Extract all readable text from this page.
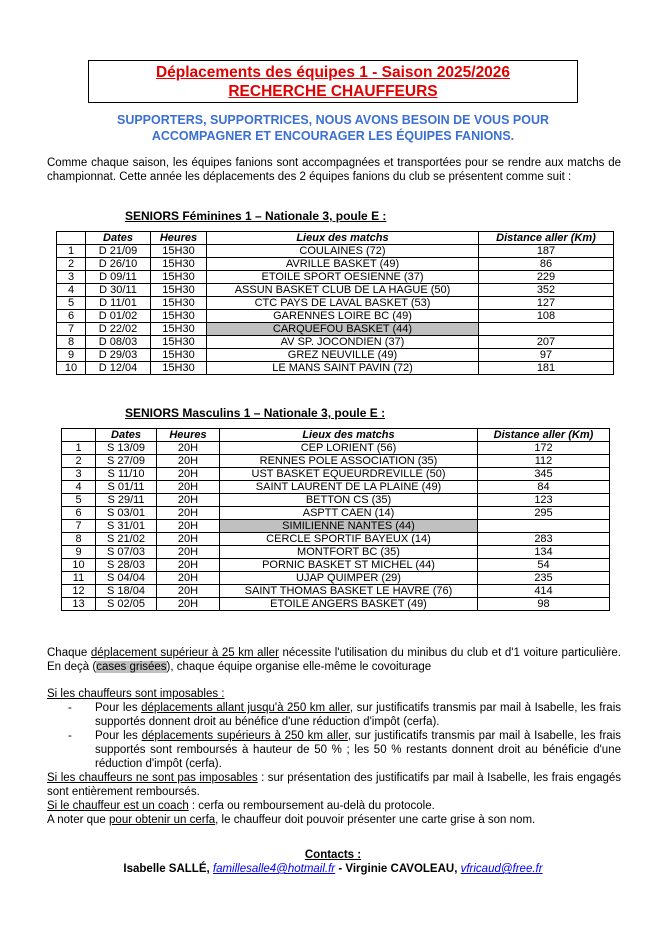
Déplacements des équipes 1 - Saison 2025/2026
RECHERCHE CHAUFFEURS
SUPPORTERS, SUPPORTRICES, NOUS AVONS BESOIN DE VOUS POUR
ACCOMPAGNER ET ENCOURAGER LES ÉQUIPES FANIONS.
Comme chaque saison, les équipes fanions sont accompagnées et transportées pour se rendre aux matchs de championnat. Cette année les déplacements des 2 équipes fanions du club se présentent comme suit :
SENIORS Féminines 1 – Nationale 3, poule E :
	Dates	Heures	Lieux des matchs	Distance aller (Km)
1	D 21/09	15H30	COULAINES (72)	187
2	D 26/10	15H30	AVRILLE BASKET (49)	86
3	D 09/11	15H30	ETOILE SPORT OESIENNE (37)	229
4	D 30/11	15H30	ASSUN BASKET CLUB DE LA HAGUE (50)	352
5	D 11/01	15H30	CTC PAYS DE LAVAL BASKET (53)	127
6	D 01/02	15H30	GARENNES LOIRE BC (49)	108
7	D 22/02	15H30	CARQUEFOU BASKET (44)	
8	D 08/03	15H30	AV SP. JOCONDIEN (37)	207
9	D 29/03	15H30	GREZ NEUVILLE (49)	97
10	D 12/04	15H30	LE MANS SAINT PAVIN (72)	181
SENIORS Masculins 1 – Nationale 3, poule E :
	Dates	Heures	Lieux des matchs	Distance aller (Km)
1	S 13/09	20H	CEP LORIENT (56)	172
2	S 27/09	20H	RENNES POLE ASSOCIATION (35)	112
3	S 11/10	20H	UST BASKET EQUEURDREVILLE (50)	345
4	S 01/11	20H	SAINT LAURENT DE LA PLAINE (49)	84
5	S 29/11	20H	BETTON CS (35)	123
6	S 03/01	20H	ASPTT CAEN (14)	295
7	S 31/01	20H	SIMILIENNE NANTES (44)	
8	S 21/02	20H	CERCLE SPORTIF BAYEUX (14)	283
9	S 07/03	20H	MONTFORT BC (35)	134
10	S 28/03	20H	PORNIC BASKET ST MICHEL (44)	54
11	S 04/04	20H	UJAP QUIMPER (29)	235
12	S 18/04	20H	SAINT THOMAS BASKET LE HAVRE (76)	414
13	S 02/05	20H	ETOILE ANGERS BASKET (49)	98

Chaque déplacement supérieur à 25 km aller nécessite l'utilisation du minibus du club et d'1 voiture particulière. En deçà (cases grisées), chaque équipe organise elle-même le covoiturage

Si les chauffeurs sont imposables :

- Pour les déplacements allant jusqu'à 250 km aller, sur justificatifs transmis par mail à Isabelle, les frais supportés donnent droit au bénéfice d'une réduction d'impôt (cerfa).
- Pour les déplacements supérieurs à 250 km aller, sur justificatifs transmis par mail à Isabelle, les frais supportés sont remboursés à hauteur de 50 % ; les 50 % restants donnent droit au bénéficie d'une réduction d'impôt (cerfa).

Si les chauffeurs ne sont pas imposables : sur présentation des justificatifs par mail à Isabelle, les frais engagés sont entièrement remboursés.

Si le chauffeur est un coach : cerfa ou remboursement au-delà du protocole.

A noter que pour obtenir un cerfa, le chauffeur doit pouvoir présenter une carte grise à son nom.

Contacts :
Isabelle SALLÉ, famillesalle4@hotmail.fr - Virginie CAVOLEAU, vfricaud@free.fr
